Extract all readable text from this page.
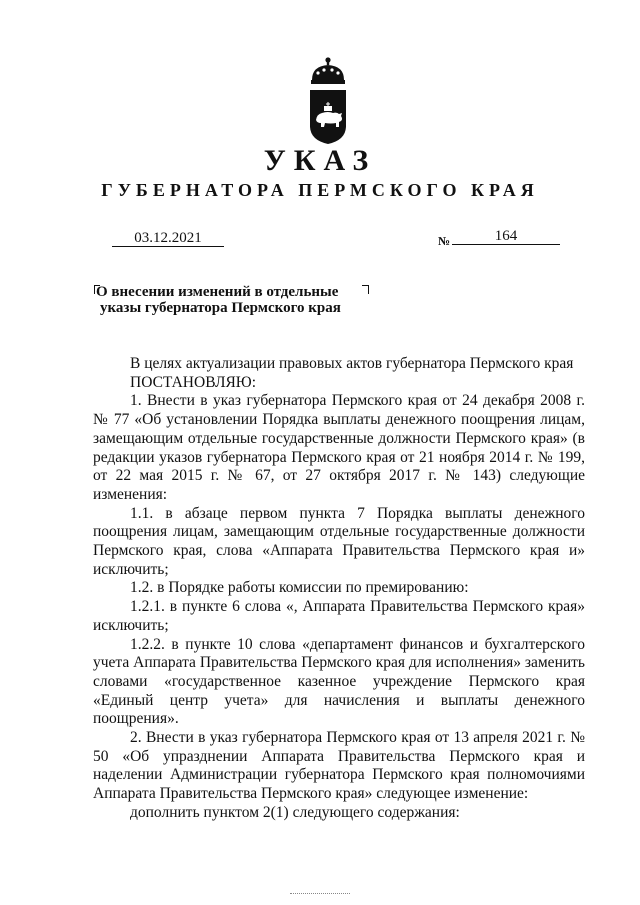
УКАЗ
ГУБЕРНАТОРА ПЕРМСКОГО КРАЯ
03.12.2021	№	164
О внесении изменений в отдельные
указы губернатора Пермского края

В целях актуализации правовых актов губернатора Пермского края

ПОСТАНОВЛЯЮ:

1. Внести в указ губернатора Пермского края от 24 декабря 2008 г. № 77 «Об установлении Порядка выплаты денежного поощрения лицам, замещающим отдельные государственные должности Пермского края» (в редакции указов губернатора Пермского края от 21 ноября 2014 г. № 199, от 22 мая 2015 г. № 67, от 27 октября 2017 г. № 143) следующие изменения:

1.1. в абзаце первом пункта 7 Порядка выплаты денежного поощрения лицам, замещающим отдельные государственные должности Пермского края, слова «Аппарата Правительства Пермского края и» исключить;

1.2. в Порядке работы комиссии по премированию:

1.2.1. в пункте 6 слова «, Аппарата Правительства Пермского края» исключить;

1.2.2. в пункте 10 слова «департамент финансов и бухгалтерского учета Аппарата Правительства Пермского края для исполнения» заменить словами «государственное казенное учреждение Пермского края «Единый центр учета» для начисления и выплаты денежного поощрения».

2. Внести в указ губернатора Пермского края от 13 апреля 2021 г. № 50 «Об упразднении Аппарата Правительства Пермского края и наделении Администрации губернатора Пермского края полномочиями Аппарата Правительства Пермского края» следующее изменение:

дополнить пунктом 2(1) следующего содержания:
